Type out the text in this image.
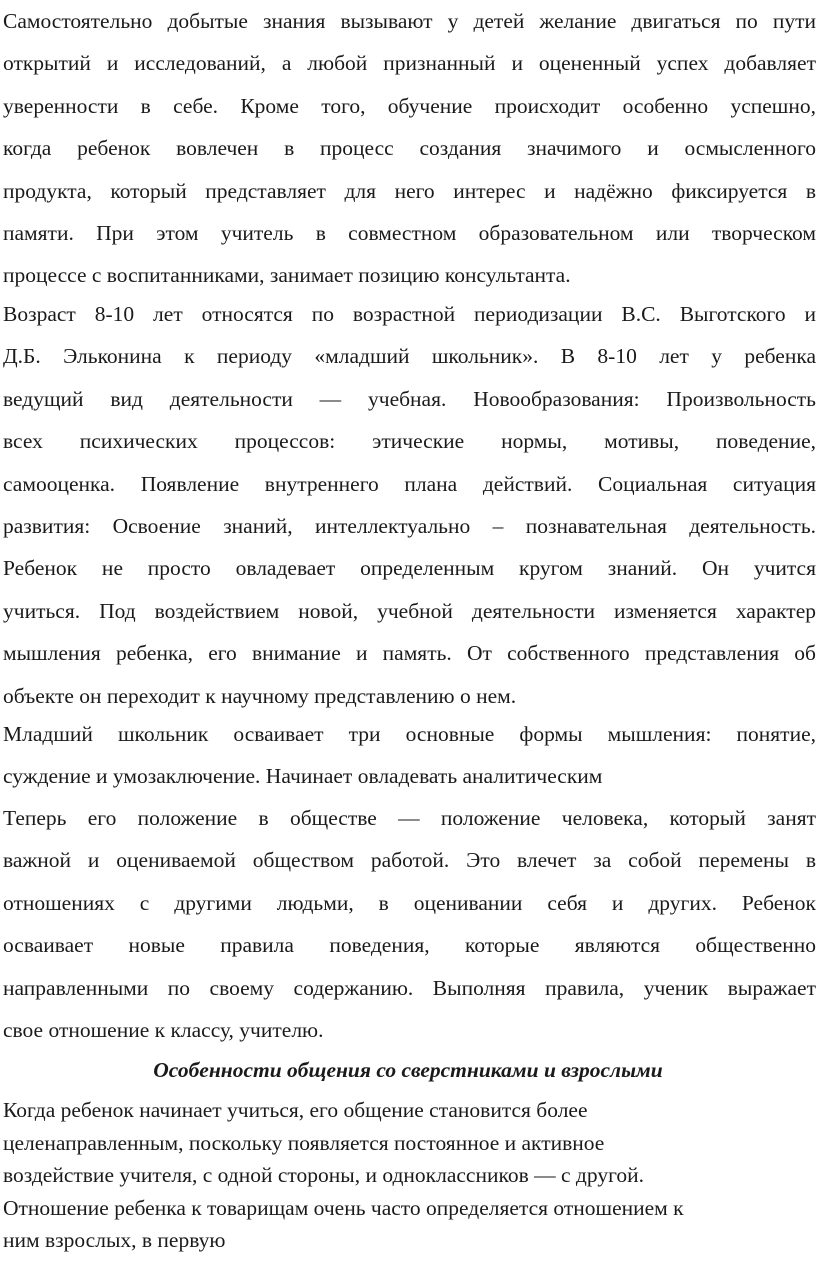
Самостоятельно добытые знания вызывают у детей желание двигаться по пути
открытий и исследований, а любой признанный и оцененный успех добавляет
уверенности в себе. Кроме того, обучение происходит особенно успешно,
когда ребенок вовлечен в процесс создания значимого и осмысленного
продукта, который представляет для него интерес и надёжно фиксируется в
памяти. При этом учитель в совместном образовательном или творческом
процессе с воспитанниками, занимает позицию консультанта.
Возраст 8-10 лет относятся по возрастной периодизации В.С. Выготского и
Д.Б. Эльконина к периоду «младший школьник». В 8-10 лет у ребенка
ведущий вид деятельности — учебная. Новообразования: Произвольность
всех психических процессов: этические нормы, мотивы, поведение,
самооценка. Появление внутреннего плана действий. Социальная ситуация
развития: Освоение знаний, интеллектуально – познавательная деятельность.
Ребенок не просто овладевает определенным кругом знаний. Он учится
учиться. Под воздействием новой, учебной деятельности изменяется характер
мышления ребенка, его внимание и память. От собственного представления об
объекте он переходит к научному представлению о нем.
Младший школьник осваивает три основные формы мышления: понятие,
суждение и умозаключение. Начинает овладевать аналитическим
Теперь его положение в обществе — положение человека, который занят
важной и оцениваемой обществом работой. Это влечет за собой перемены в
отношениях с другими людьми, в оценивании себя и других. Ребенок
осваивает новые правила поведения, которые являются общественно
направленными по своему содержанию. Выполняя правила, ученик выражает
свое отношение к классу, учителю.
Особенности общения со сверстниками и взрослыми
Когда ребенок начинает учиться, его общение становится более
целенаправленным, поскольку появляется постоянное и активное
воздействие учителя, с одной стороны, и одноклассников — с другой.
Отношение ребенка к товарищам очень часто определяется отношением к
ним взрослых, в первую
